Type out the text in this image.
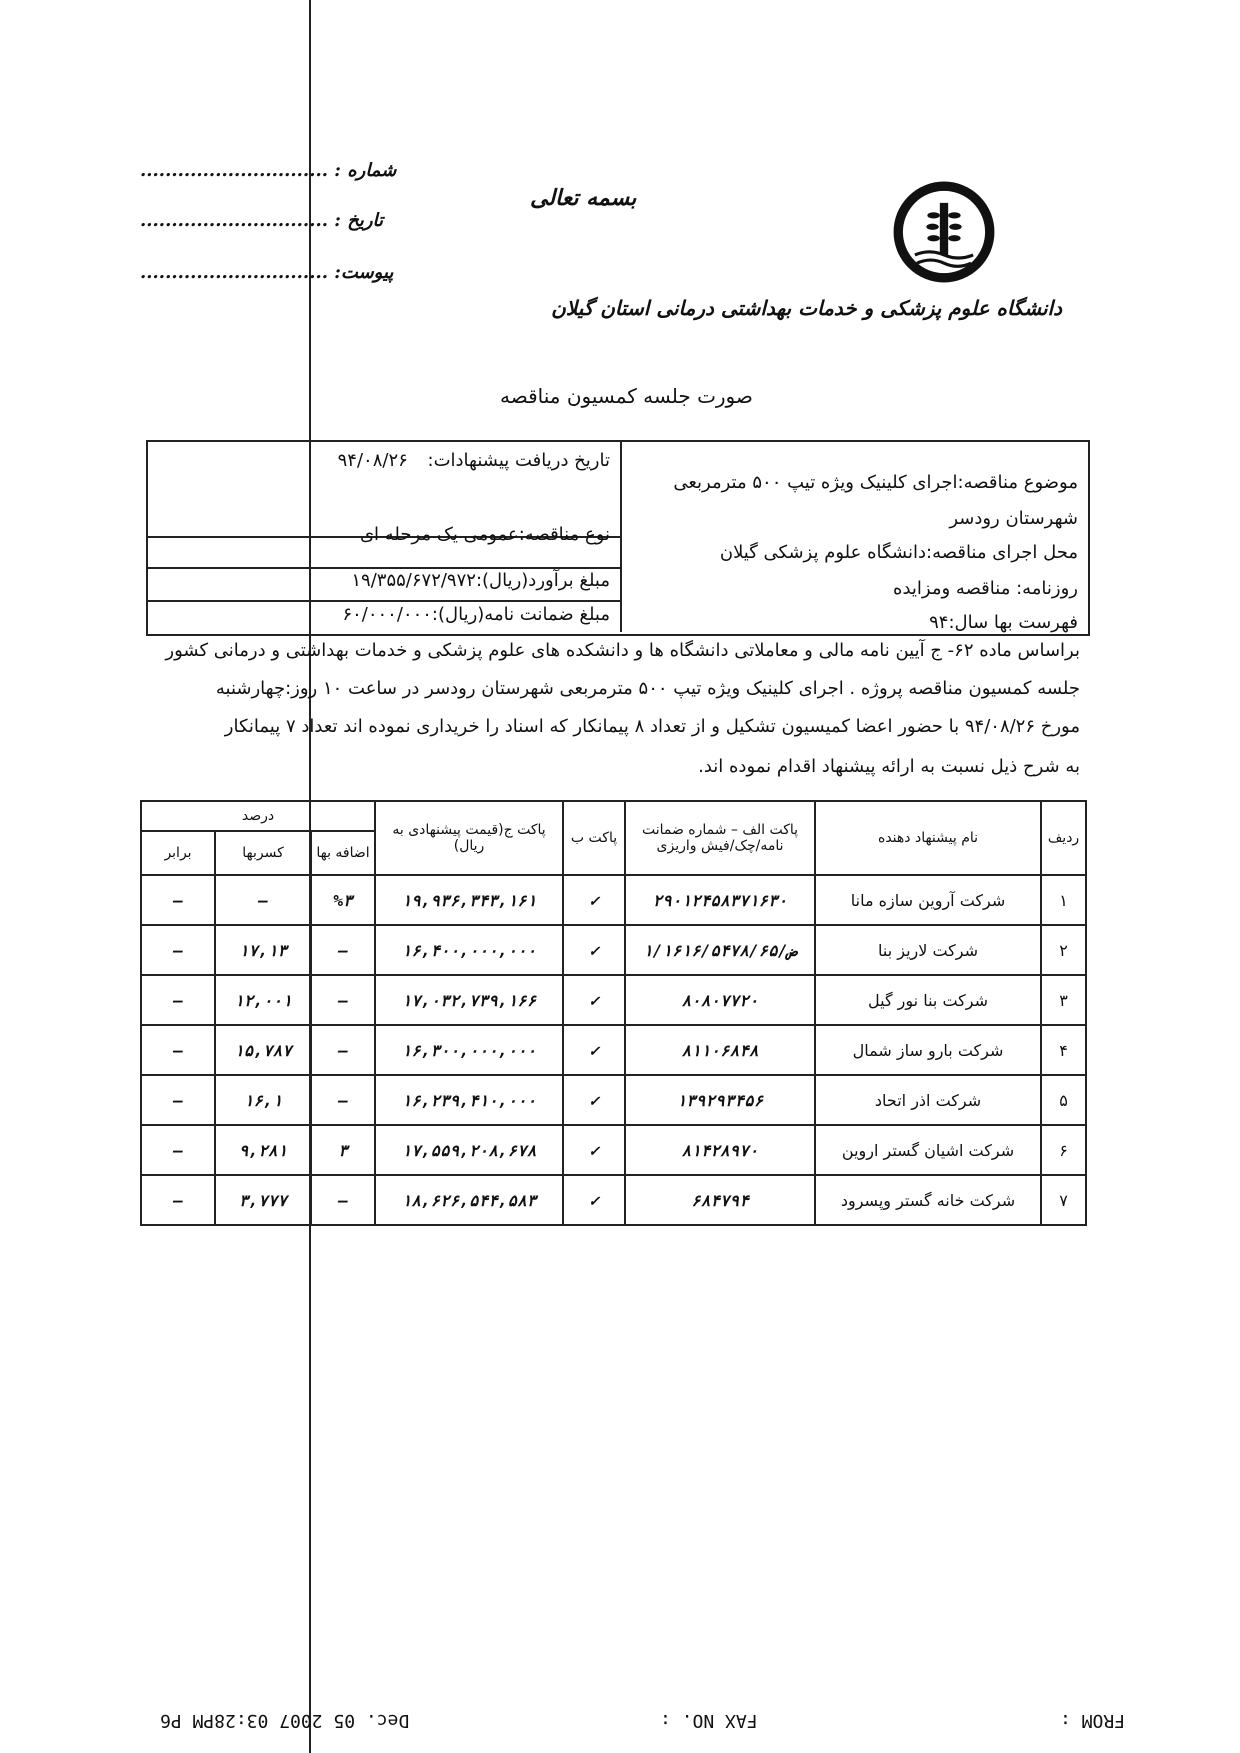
شماره : ..............................
تاریخ : ..............................
پیوست: ..............................
بسمه تعالی
دانشگاه علوم پزشکی و خدمات بهداشتی درمانی استان گیلان
صورت جلسه کمسیون مناقصه
موضوع مناقصه:اجرای کلینیک ویژه تیپ ۵۰۰ مترمربعی
شهرستان رودسر
محل اجرای مناقصه:دانشگاه علوم پزشکی گیلان
روزنامه: مناقصه ومزایده
فهرست بها سال:۹۴
تاریخ دریافت پیشنهادات: ۹۴/۰۸/۲۶
نوع مناقصه:عمومی یک مرحله ای
مبلغ برآورد(ریال):۱۹/۳۵۵/۶۷۲/۹۷۲
مبلغ ضمانت نامه(ریال):۶۰/۰۰۰/۰۰۰
براساس ماده ۶۲- ج آیین نامه مالی و معاملاتی دانشگاه ها و دانشکده های علوم پزشکی و خدمات بهداشتی و درمانی کشور
جلسه کمسیون مناقصه پروژه . اجرای کلینیک ویژه تیپ ۵۰۰ مترمربعی شهرستان رودسر در ساعت ۱۰ روز:چهارشنبه
مورخ ۹۴/۰۸/۲۶ با حضور اعضا کمیسیون تشکیل و از تعداد ۸ پیمانکار که اسناد را خریداری نموده اند تعداد ۷ پیمانکار
به شرح ذیل نسبت به ارائه پیشنهاد اقدام نموده اند.
ردیف	نام پیشنهاد دهنده	پاکت الف – شماره ضمانت نامه/چک/فیش واریزی	پاکت ب	پاکت ج(قیمت پیشنهادی به ریال)	درصد		
					اضافه بها	کسربها	برابر
۱	شرکت آروین سازه مانا	۲۹۰۱۲۴۵۸۳۷۱۶۳۰	✓	۱۹,۹۳۶,۳۴۳,۱۶۱	%۳	—	—
۲	شرکت لاریز بنا	ض/۱/۱۶۱۶/۵۴۷۸/۶۵	✓	۱۶,۴۰۰,۰۰۰,۰۰۰	—	۱۷,۱۳	—
۳	شرکت بنا نور گیل	۸۰۸۰۷۷۲۰	✓	۱۷,۰۳۲,۷۳۹,۱۶۶	—	۱۲,۰۰۱	—
۴	شرکت بارو ساز شمال	۸۱۱۰۶۸۴۸	✓	۱۶,۳۰۰,۰۰۰,۰۰۰	—	۱۵,۷۸۷	—
۵	شرکت اذر اتحاد	۱۳۹۲۹۳۴۵۶	✓	۱۶,۲۳۹,۴۱۰,۰۰۰	—	۱۶,۱	—
۶	شرکت اشیان گستر اروین	۸۱۴۲۸۹۷۰	✓	۱۷,۵۵۹,۲۰۸,۶۷۸	۳	۹,۲۸۱	—
۷	شرکت خانه گستر وپسرود	۶۸۴۷۹۴	✓	۱۸,۶۲۶,۵۴۴,۵۸۳	—	۳,۷۷۷	—
FROM :
FAX NO. :
Dec. 05 2007 03:28PM P6
